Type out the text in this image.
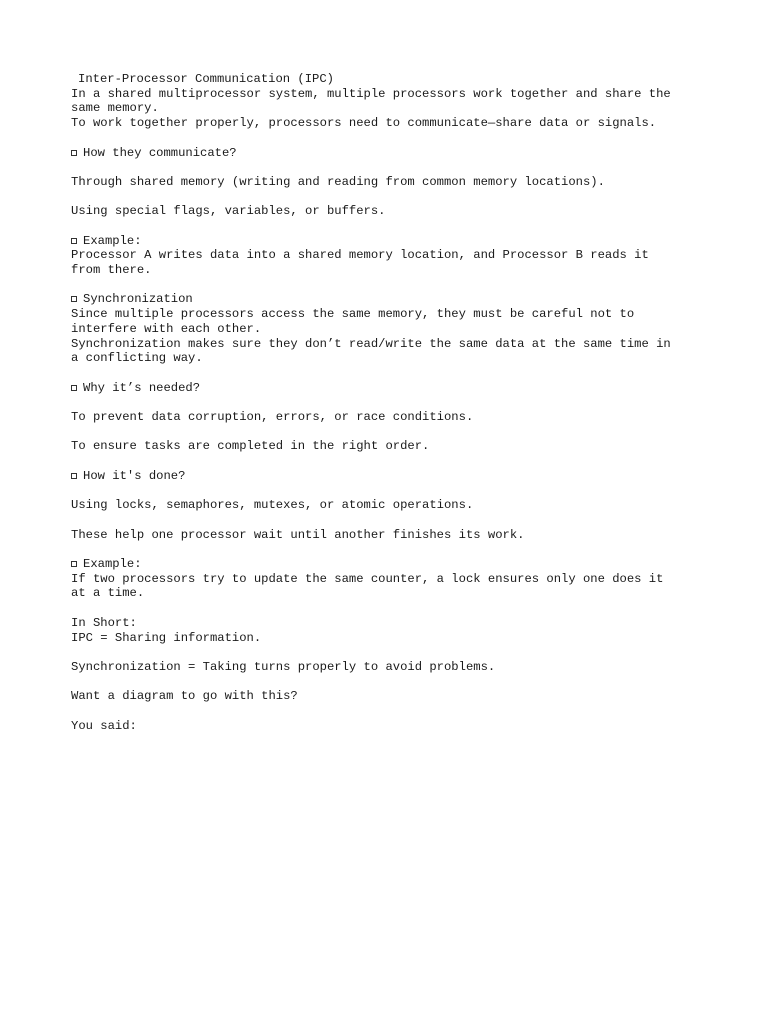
Inter-Processor Communication (IPC)
In a shared multiprocessor system, multiple processors work together and share the
same memory.
To work together properly, processors need to communicate—share data or signals.
How they communicate?
Through shared memory (writing and reading from common memory locations).
Using special flags, variables, or buffers.
Example:
Processor A writes data into a shared memory location, and Processor B reads it
from there.
Synchronization
Since multiple processors access the same memory, they must be careful not to
interfere with each other.
Synchronization makes sure they don’t read/write the same data at the same time in
a conflicting way.
Why it’s needed?
To prevent data corruption, errors, or race conditions.
To ensure tasks are completed in the right order.
How it's done?
Using locks, semaphores, mutexes, or atomic operations.
These help one processor wait until another finishes its work.
Example:
If two processors try to update the same counter, a lock ensures only one does it
at a time.
In Short:
IPC = Sharing information.
Synchronization = Taking turns properly to avoid problems.
Want a diagram to go with this?
You said:
